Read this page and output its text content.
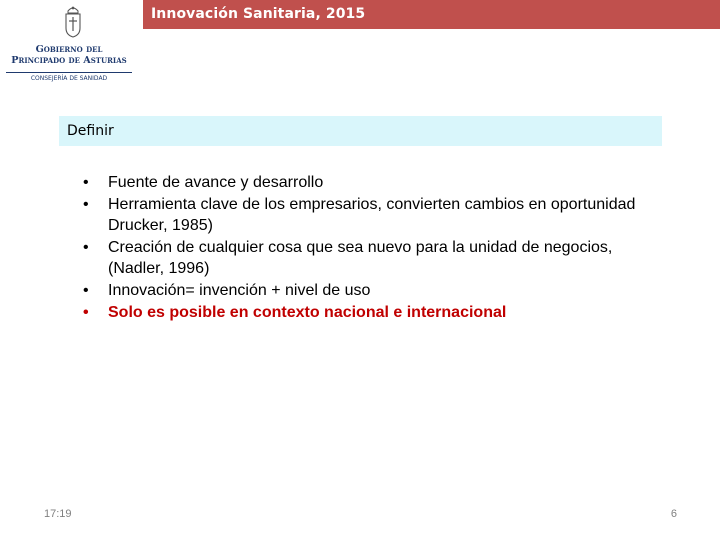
Innovación Sanitaria, 2015
Gobierno del
Principado de Asturias
CONSEJERÍA DE SANIDAD
Definir
• Fuente de avance y desarrollo
• Herramienta clave de los empresarios, convierten cambios en oportunidad Drucker, 1985)
• Creación de cualquier cosa que sea nuevo para la unidad de negocios, (Nadler, 1996)
• Innovación= invención + nivel de uso
• Solo es posible en contexto nacional e internacional
17:19	6
